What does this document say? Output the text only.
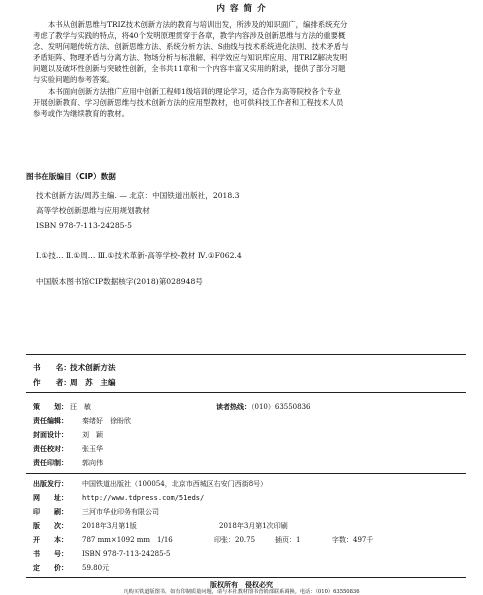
内 容 简 介
本书从创新思维与TRIZ技术创新方法的教育与培训出发，所涉及的知识面广，编排系统充分
考虑了教学与实践的特点，将40个发明原理贯穿于各章，教学内容涉及创新思维与方法的重要概
念、发明问题传统方法、创新思维方法、系统分析方法、S曲线与技术系统进化法则、技术矛盾与
矛盾矩阵、物理矛盾与分离方法、物场分析与标准解、科学效应与知识库应用、用TRIZ解决发明
问题以及破坏性创新与突破性创新，全书共11章和一个内容丰富又实用的附录，提供了部分习题
与实验问题的参考答案。
本书面向创新方法推广应用中创新工程师1级培训的理论学习，适合作为高等院校各个专业
开展创新教育、学习创新思维与技术创新方法的应用型教材，也可供科技工作者和工程技术人员
参考或作为继续教育的教材。
图书在版编目（CIP）数据
技术创新方法/周苏主编. — 北京：中国铁道出版社，2018.3
高等学校创新思维与应用规划教材
ISBN 978-7-113-24285-5
Ⅰ.①技… Ⅱ.①周… Ⅲ.①技术革新-高等学校-教材 Ⅳ.①F062.4
中国版本图书馆CIP数据核字(2018)第028948号
书　　名：技术创新方法
作　　者：周　苏　主编
策　　划： 汪　敏	读者热线：（010）63550836
责任编辑： 秦绪好　徐盼欣
封面设计： 刘　颖
责任校对： 张玉华
责任印制： 郭向伟
出版发行： 中国铁道出版社（100054，北京市西城区右安门西街8号）
网　　址： http://www.tdpress.com/51eds/
印　　刷： 三河市华业印务有限公司
版　　次： 2018年3月第1版	2018年3月第1次印刷
开　　本： 787 mm×1092 mm　1/16	印张：20.75	插页：1	字数：497千
书　　号： ISBN 978-7-113-24285-5
定　　价： 59.80元
版权所有　侵权必究
凡购买铁道版图书，如有印制质量问题，请与本社教材图书营销部联系调换。电话：（010）63550836
